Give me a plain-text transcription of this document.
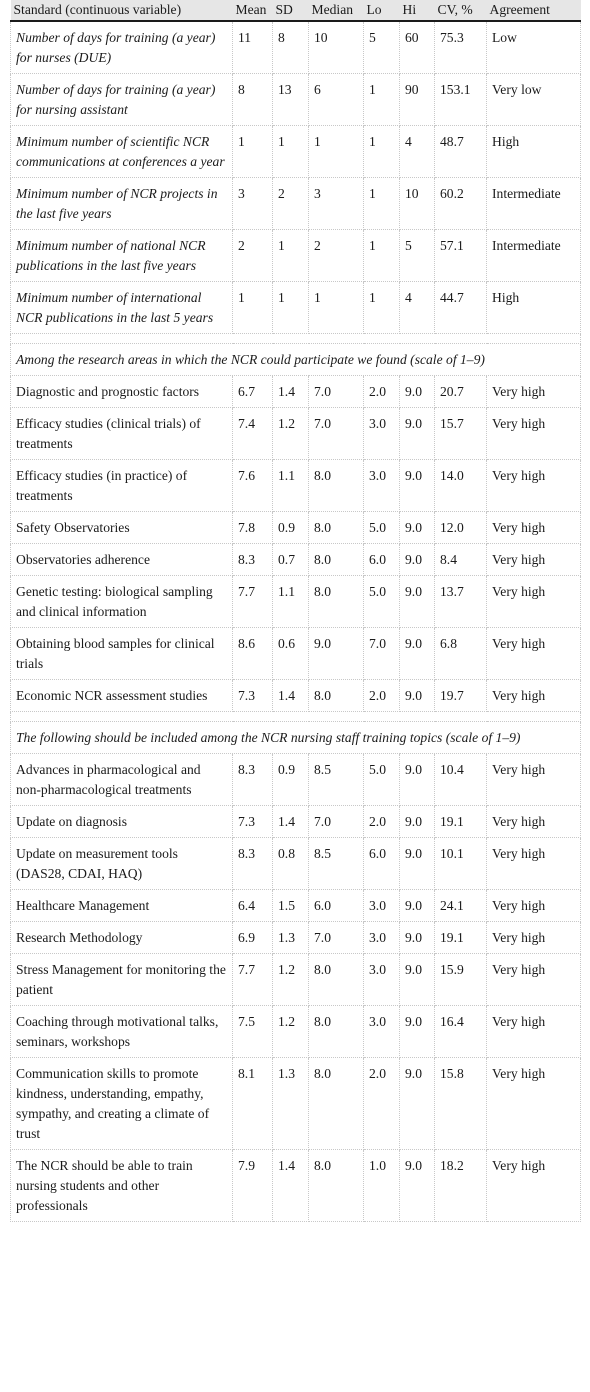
Standard (continuous variable)	Mean	SD	Median	Lo	Hi	CV, %	Agreement
Number of days for training (a year) for nurses (DUE)	11	8	10	5	60	75.3	Low
Number of days for training (a year) for nursing assistant	8	13	6	1	90	153.1	Very low
Minimum number of scientific NCR communications at conferences a year	1	1	1	1	4	48.7	High
Minimum number of NCR projects in the last five years	3	2	3	1	10	60.2	Intermediate
Minimum number of national NCR publications in the last five years	2	1	2	1	5	57.1	Intermediate
Minimum number of international NCR publications in the last 5 years	1	1	1	1	4	44.7	High

Among the research areas in which the NCR could participate we found (scale of 1–9)							
Diagnostic and prognostic factors	6.7	1.4	7.0	2.0	9.0	20.7	Very high
Efficacy studies (clinical trials) of treatments	7.4	1.2	7.0	3.0	9.0	15.7	Very high
Efficacy studies (in practice) of treatments	7.6	1.1	8.0	3.0	9.0	14.0	Very high
Safety Observatories	7.8	0.9	8.0	5.0	9.0	12.0	Very high
Observatories adherence	8.3	0.7	8.0	6.0	9.0	8.4	Very high
Genetic testing: biological sampling and clinical information	7.7	1.1	8.0	5.0	9.0	13.7	Very high
Obtaining blood samples for clinical trials	8.6	0.6	9.0	7.0	9.0	6.8	Very high
Economic NCR assessment studies	7.3	1.4	8.0	2.0	9.0	19.7	Very high

The following should be included among the NCR nursing staff training topics (scale of 1–9)							
Advances in pharmacological and non-pharmacological treatments	8.3	0.9	8.5	5.0	9.0	10.4	Very high
Update on diagnosis	7.3	1.4	7.0	2.0	9.0	19.1	Very high
Update on measurement tools (DAS28, CDAI, HAQ)	8.3	0.8	8.5	6.0	9.0	10.1	Very high
Healthcare Management	6.4	1.5	6.0	3.0	9.0	24.1	Very high
Research Methodology	6.9	1.3	7.0	3.0	9.0	19.1	Very high
Stress Management for monitoring the patient	7.7	1.2	8.0	3.0	9.0	15.9	Very high
Coaching through motivational talks, seminars, workshops	7.5	1.2	8.0	3.0	9.0	16.4	Very high
Communication skills to promote kindness, understanding, empathy, sympathy, and creating a climate of trust	8.1	1.3	8.0	2.0	9.0	15.8	Very high
The NCR should be able to train nursing students and other professionals	7.9	1.4	8.0	1.0	9.0	18.2	Very high
